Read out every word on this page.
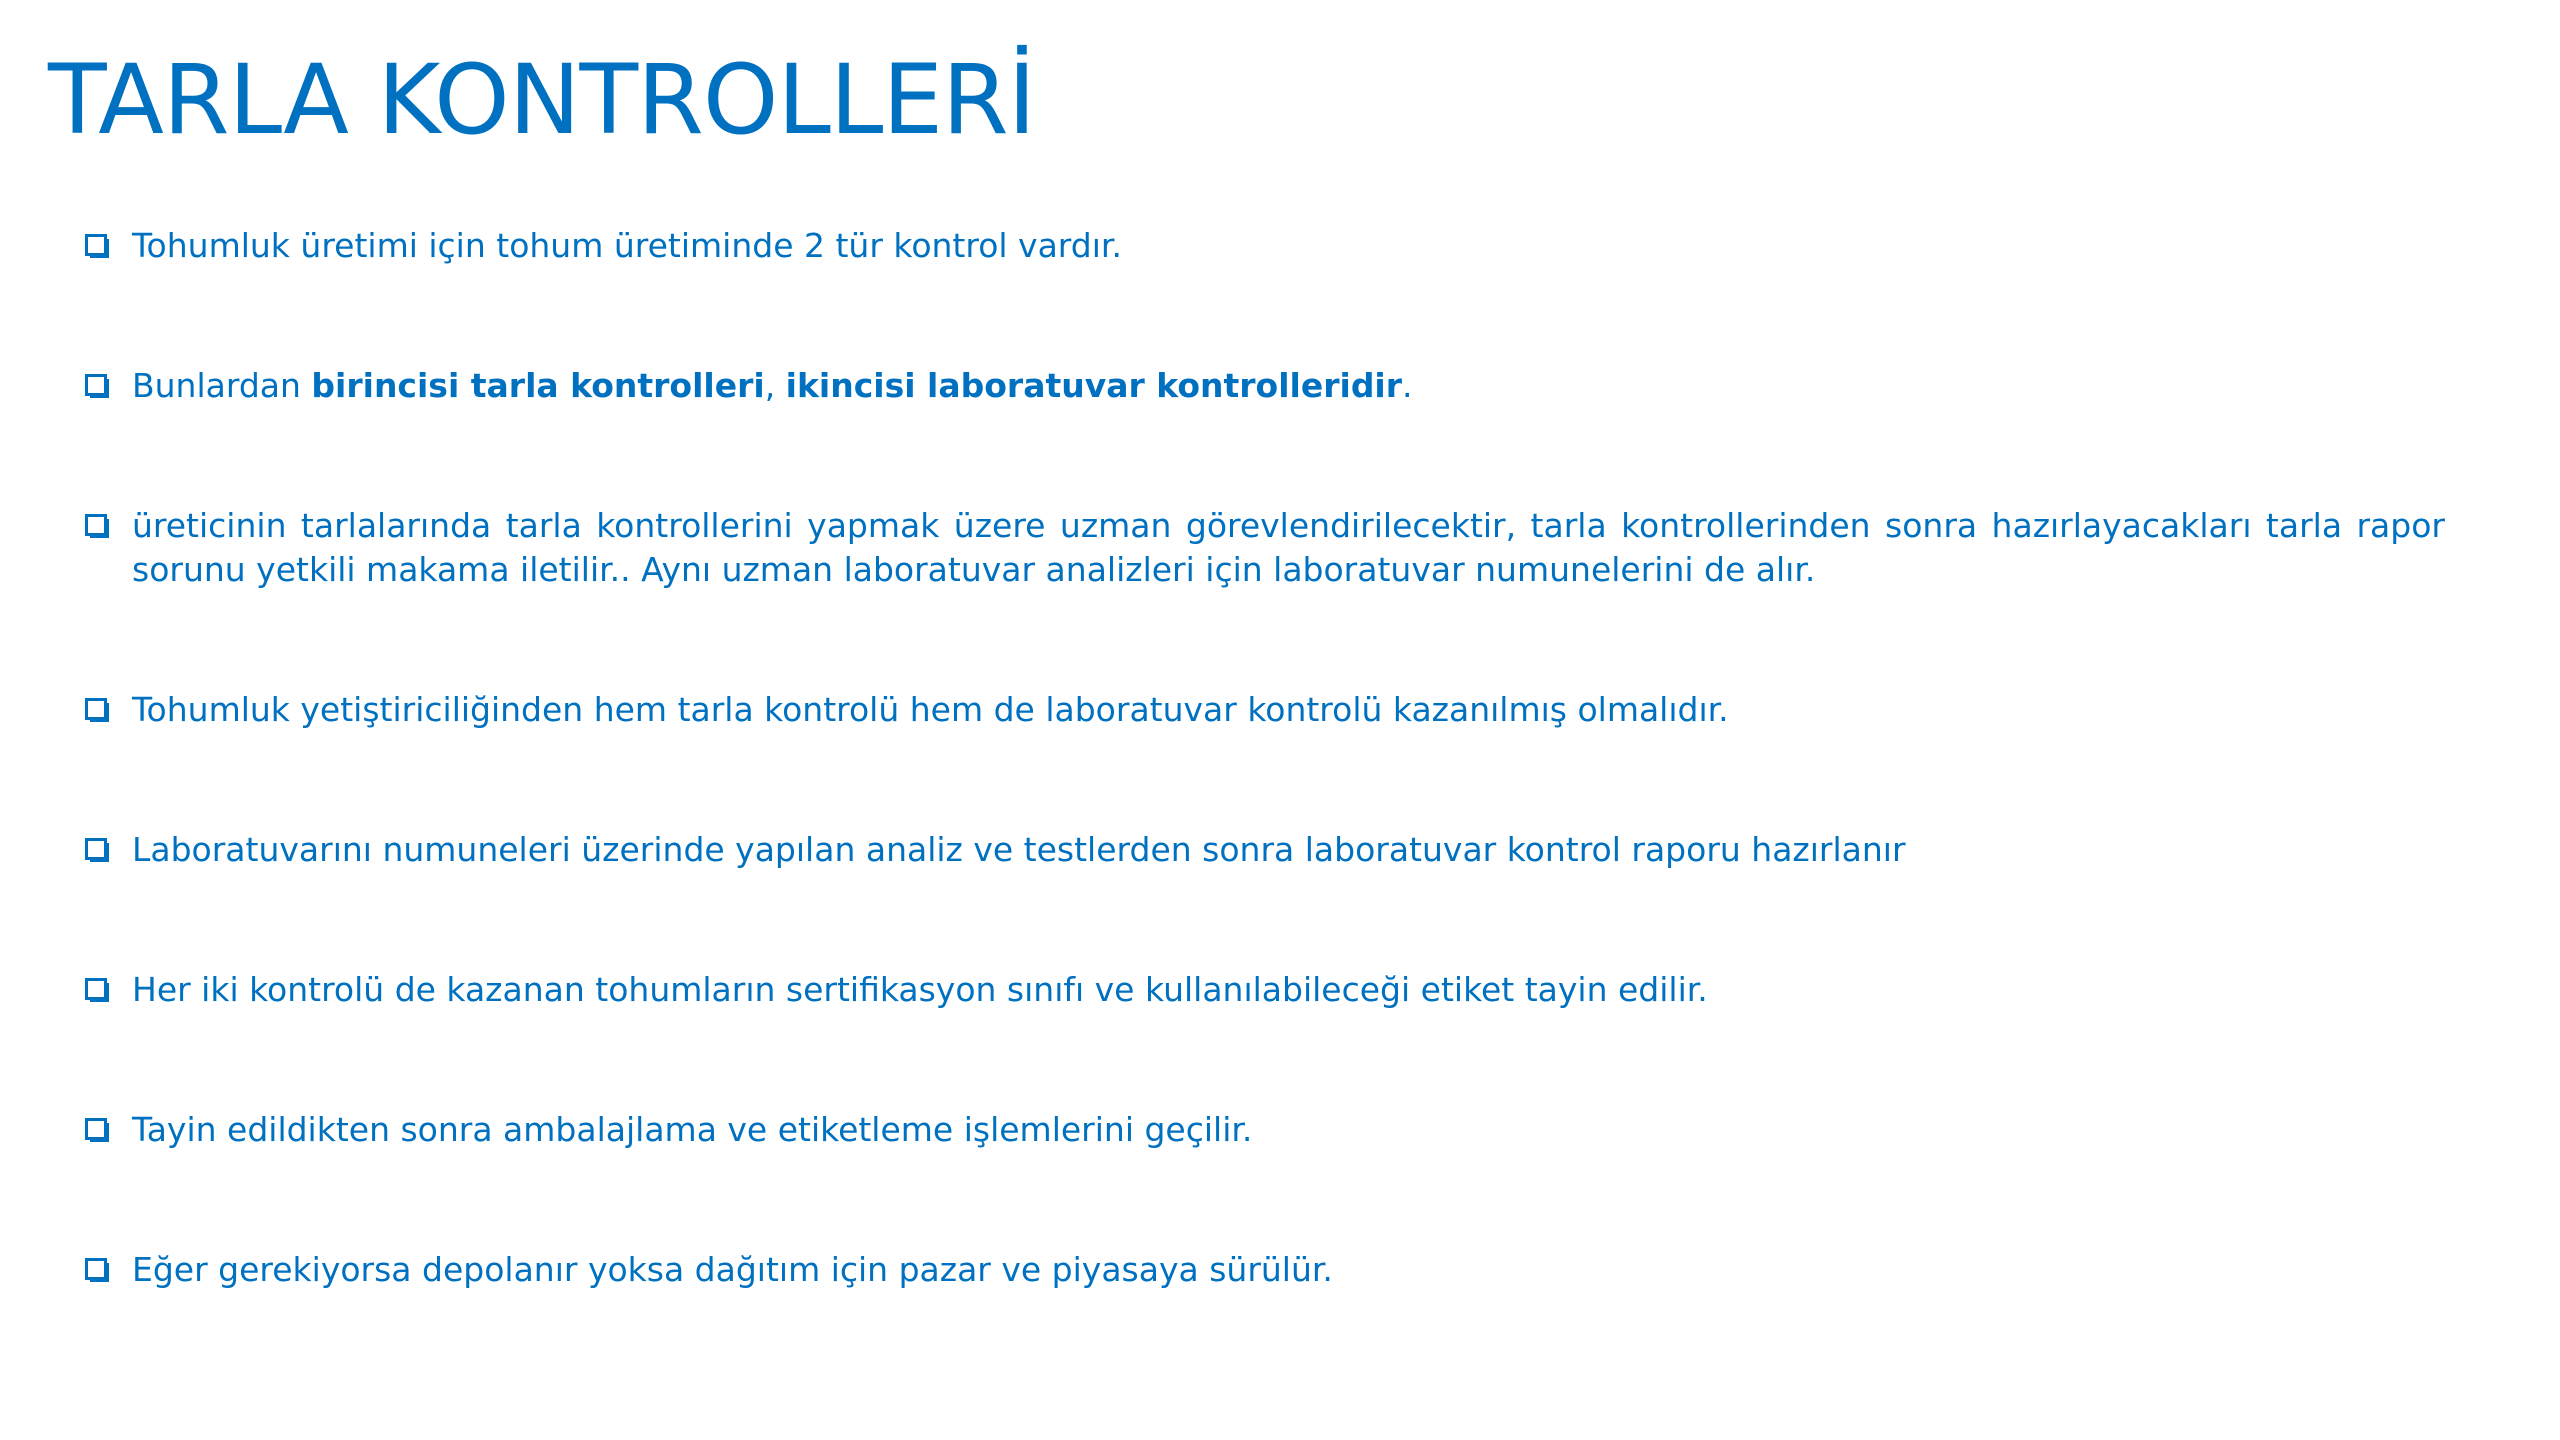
TARLA KONTROLLERİ
Tohumluk üretimi için tohum üretiminde 2 tür kontrol vardır.
Bunlardan birincisi tarla kontrolleri, ikincisi laboratuvar kontrolleridir.
üreticinin tarlalarında tarla kontrollerini yapmak üzere uzman görevlendirilecektir, tarla kontrollerinden sonra hazırlayacakları tarla rapor sorunu yetkili makama iletilir.. Aynı uzman laboratuvar analizleri için laboratuvar numunelerini de alır.
Tohumluk yetiştiriciliğinden hem tarla kontrolü hem de laboratuvar kontrolü kazanılmış olmalıdır.
Laboratuvarını numuneleri üzerinde yapılan analiz ve testlerden sonra laboratuvar kontrol raporu hazırlanır
Her iki kontrolü de kazanan tohumların sertifikasyon sınıfı ve kullanılabileceği etiket tayin edilir.
Tayin edildikten sonra ambalajlama ve etiketleme işlemlerini geçilir.
Eğer gerekiyorsa depolanır yoksa dağıtım için pazar ve piyasaya sürülür.
